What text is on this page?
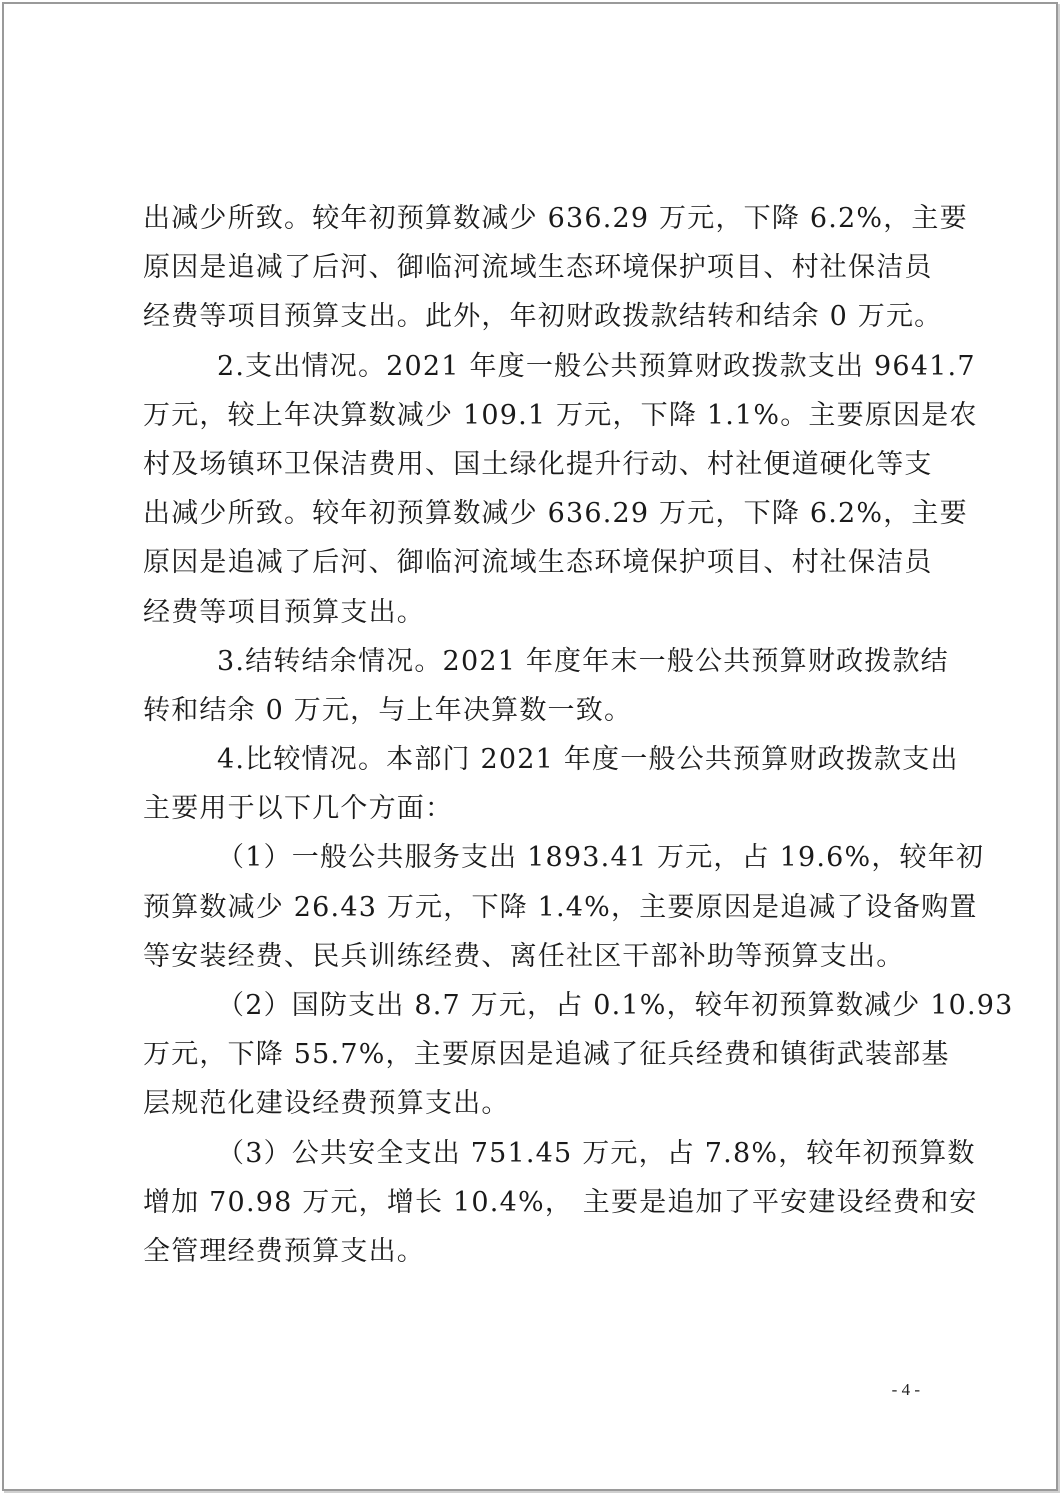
出减少所致。较年初预算数减少 636.29 万元，下降 6.2%，主要
原因是追减了后河、御临河流域生态环境保护项目、村社保洁员
经费等项目预算支出。此外，年初财政拨款结转和结余 0 万元。
2.支出情况。2021 年度一般公共预算财政拨款支出 9641.7
万元，较上年决算数减少 109.1 万元，下降 1.1%。主要原因是农
村及场镇环卫保洁费用、国土绿化提升行动、村社便道硬化等支
出减少所致。较年初预算数减少 636.29 万元，下降 6.2%，主要
原因是追减了后河、御临河流域生态环境保护项目、村社保洁员
经费等项目预算支出。
3.结转结余情况。2021 年度年末一般公共预算财政拨款结
转和结余 0 万元，与上年决算数一致。
4.比较情况。本部门 2021 年度一般公共预算财政拨款支出
主要用于以下几个方面：
（1）一般公共服务支出 1893.41 万元，占 19.6%，较年初
预算数减少 26.43 万元，下降 1.4%，主要原因是追减了设备购置
等安装经费、民兵训练经费、离任社区干部补助等预算支出。
（2）国防支出 8.7 万元，占 0.1%，较年初预算数减少 10.93
万元，下降 55.7%，主要原因是追减了征兵经费和镇街武装部基
层规范化建设经费预算支出。
（3）公共安全支出 751.45 万元，占 7.8%，较年初预算数
增加 70.98 万元，增长 10.4%， 主要是追加了平安建设经费和安
全管理经费预算支出。
- 4 -
